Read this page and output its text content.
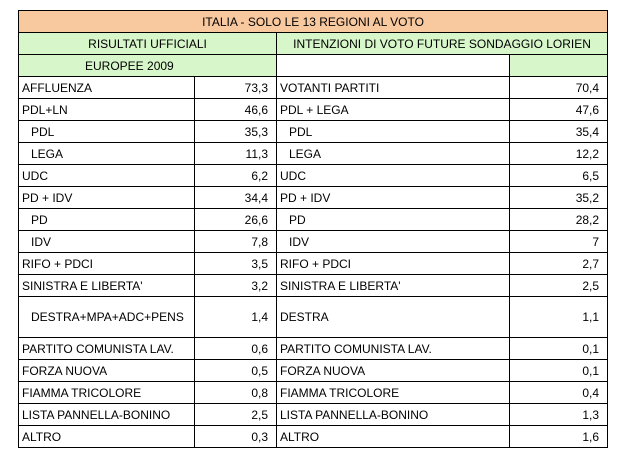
ITALIA - SOLO LE 13 REGIONI AL VOTO			
RISULTATI UFFICIALI		INTENZIONI DI VOTO FUTURE SONDAGGIO LORIEN	
EUROPEE 2009			
AFFLUENZA	73,3	VOTANTI PARTITI	70,4
PDL+LN	46,6	PDL + LEGA	47,6
PDL	35,3	PDL	35,4
LEGA	11,3	LEGA	12,2
UDC	6,2	UDC	6,5
PD + IDV	34,4	PD + IDV	35,2
PD	26,6	PD	28,2
IDV	7,8	IDV	7
RIFO + PDCI	3,5	RIFO + PDCI	2,7
SINISTRA E LIBERTA'	3,2	SINISTRA E LIBERTA'	2,5
DESTRA+MPA+ADC+PENS	1,4	DESTRA	1,1
PARTITO COMUNISTA LAV.	0,6	PARTITO COMUNISTA LAV.	0,1
FORZA NUOVA	0,5	FORZA NUOVA	0,1
FIAMMA TRICOLORE	0,8	FIAMMA TRICOLORE	0,4
LISTA PANNELLA-BONINO	2,5	LISTA PANNELLA-BONINO	1,3
ALTRO	0,3	ALTRO	1,6
